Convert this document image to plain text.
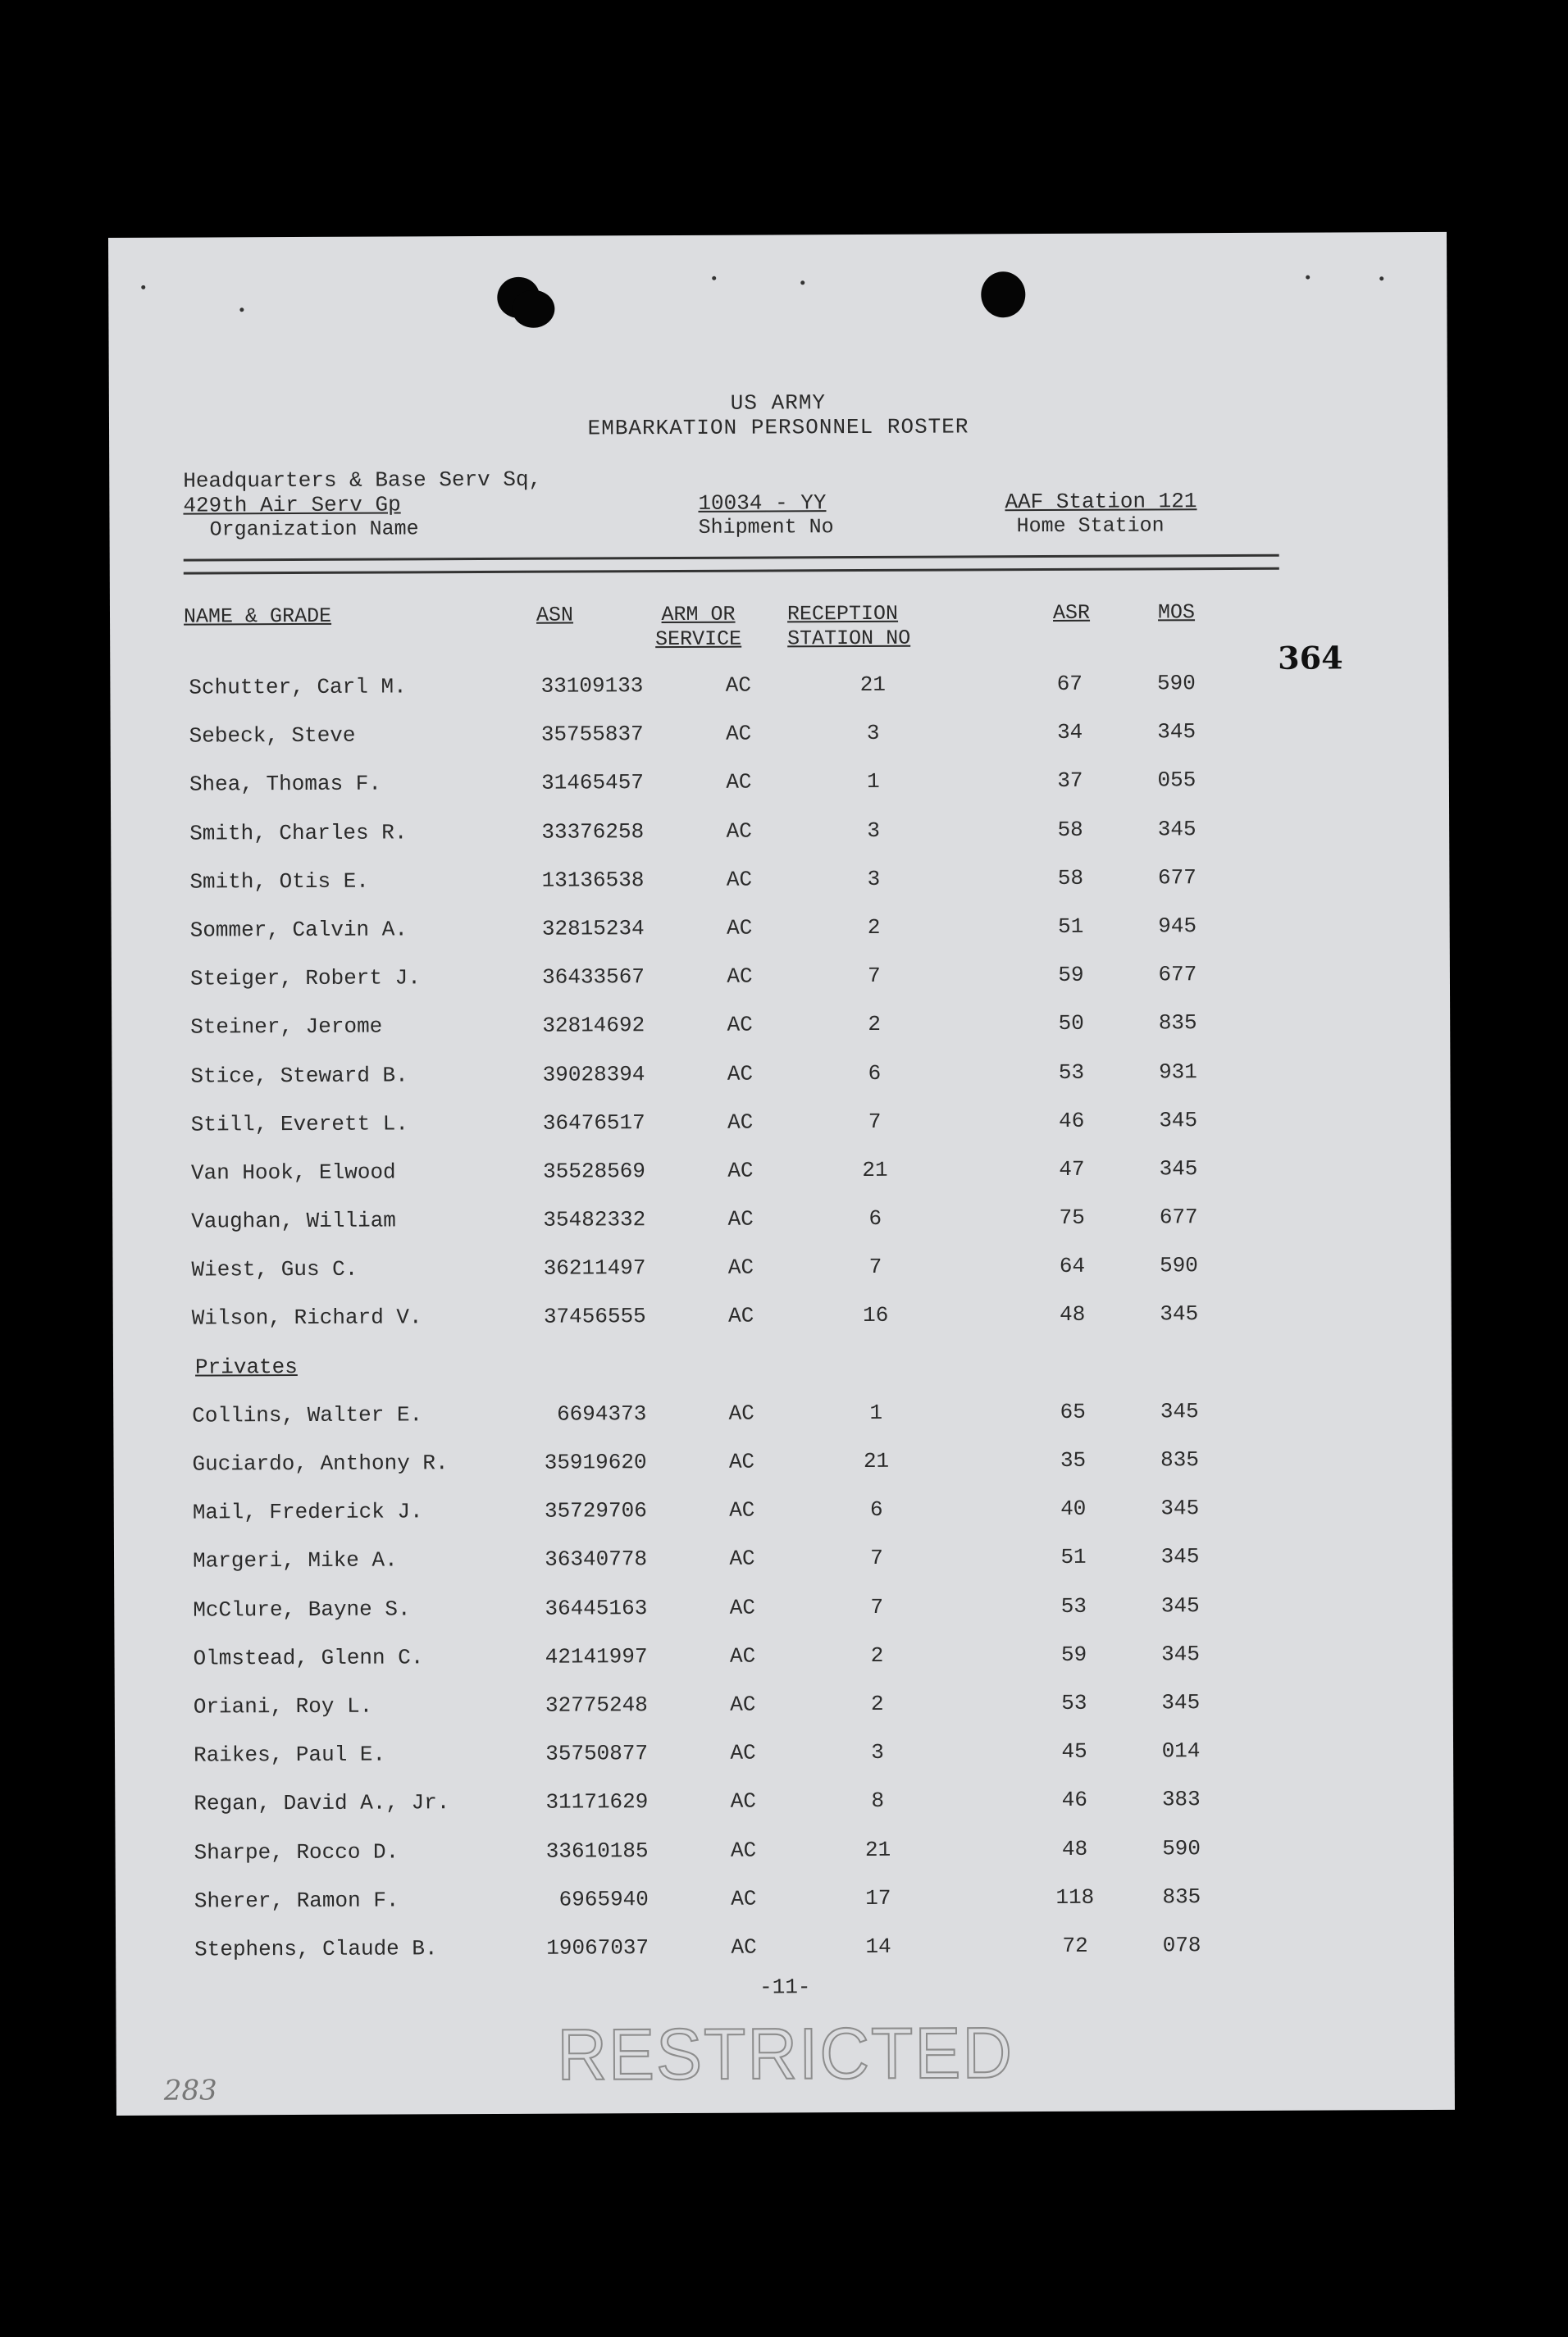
US ARMY
EMBARKATION PERSONNEL ROSTER
Headquarters & Base Serv Sq,
429th Air Serv Gp
Organization Name
10034 - YY
Shipment No
AAF Station 121
Home Station
NAME & GRADE	ASN	ARM OR
SERVICE
RECEPTION
STATION NO
ASR	MOS
364
Schutter, Carl M.	33109133	AC	21	67	590
Sebeck, Steve	35755837	AC	3	34	345
Shea, Thomas F.	31465457	AC	1	37	055
Smith, Charles R.	33376258	AC	3	58	345
Smith, Otis E.	13136538	AC	3	58	677
Sommer, Calvin A.	32815234	AC	2	51	945
Steiger, Robert J.	36433567	AC	7	59	677
Steiner, Jerome	32814692	AC	2	50	835
Stice, Steward B.	39028394	AC	6	53	931
Still, Everett L.	36476517	AC	7	46	345
Van Hook, Elwood	35528569	AC	21	47	345
Vaughan, William	35482332	AC	6	75	677
Wiest, Gus C.	36211497	AC	7	64	590
Wilson, Richard V.	37456555	AC	16	48	345
Privates
Collins, Walter E.	6694373	AC	1	65	345
Guciardo, Anthony R.	35919620	AC	21	35	835
Mail, Frederick J.	35729706	AC	6	40	345
Margeri, Mike A.	36340778	AC	7	51	345
McClure, Bayne S.	36445163	AC	7	53	345
Olmstead, Glenn C.	42141997	AC	2	59	345
Oriani, Roy L.	32775248	AC	2	53	345
Raikes, Paul E.	35750877	AC	3	45	014
Regan, David A., Jr.	31171629	AC	8	46	383
Sharpe, Rocco D.	33610185	AC	21	48	590
Sherer, Ramon F.	6965940	AC	17	118	835
Stephens, Claude B.	19067037	AC	14	72	078
-11-
RESTRICTED
283
